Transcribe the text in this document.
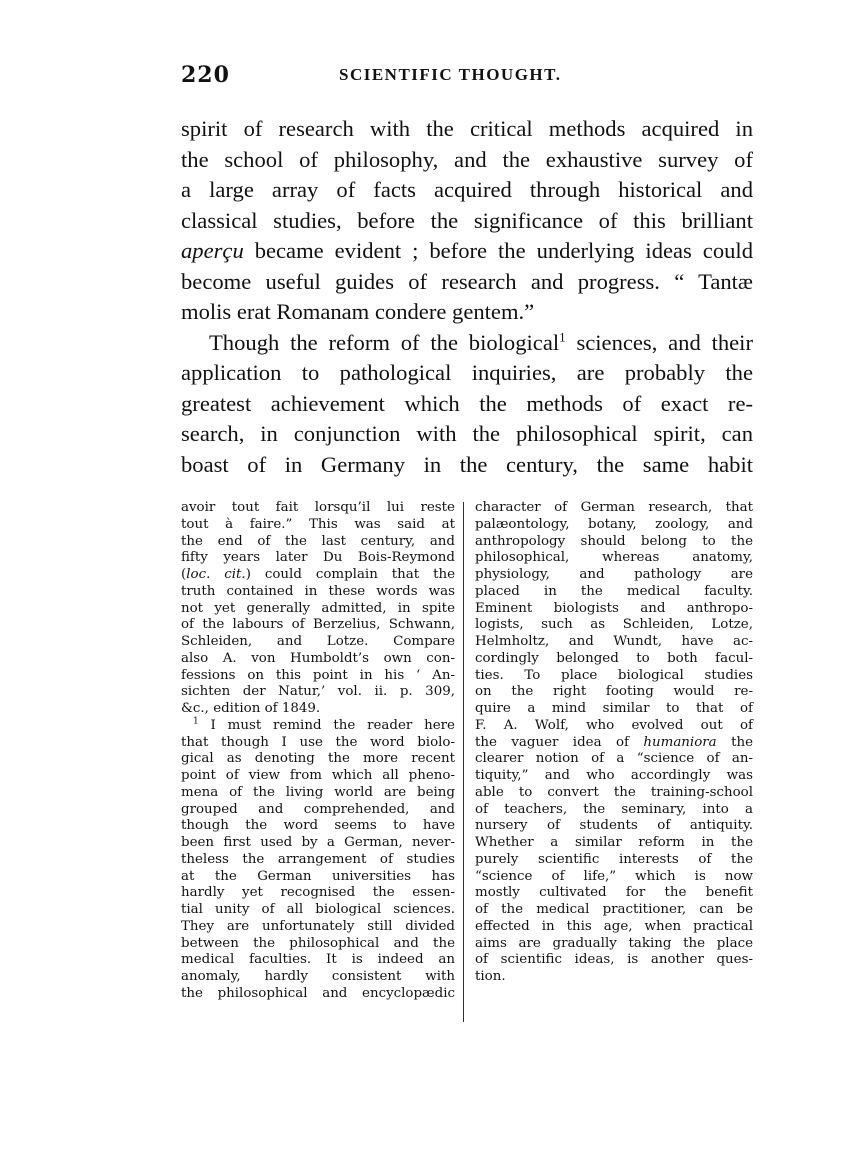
220	SCIENTIFIC THOUGHT.
spirit of research with the critical methods acquired in
the school of philosophy, and the exhaustive survey of
a large array of facts acquired through historical and
classical studies, before the significance of this brilliant
aperçu became evident ; before the underlying ideas could
become useful guides of research and progress. “ Tantæ
molis erat Romanam condere gentem.”
Though the reform of the biological$^1$ sciences, and their
application to pathological inquiries, are probably the
greatest achievement which the methods of exact re-
search, in conjunction with the philosophical spirit, can
boast of in Germany in the century, the same habit
avoir tout fait lorsqu’il lui reste
tout à faire.” This was said at
the end of the last century, and
fifty years later Du Bois-Reymond
(loc. cit.) could complain that the
truth contained in these words was
not yet generally admitted, in spite
of the labours of Berzelius, Schwann,
Schleiden, and Lotze. Compare
also A. von Humboldt’s own con-
fessions on this point in his ‘ An-
sichten der Natur,’ vol. ii. p. 309,
&c., edition of 1849.
$^1$ I must remind the reader here
that though I use the word biolo-
gical as denoting the more recent
point of view from which all pheno-
mena of the living world are being
grouped and comprehended, and
though the word seems to have
been first used by a German, never-
theless the arrangement of studies
at the German universities has
hardly yet recognised the essen-
tial unity of all biological sciences.
They are unfortunately still divided
between the philosophical and the
medical faculties. It is indeed an
anomaly, hardly consistent with
the philosophical and encyclopædic
character of German research, that
palæontology, botany, zoology, and
anthropology should belong to the
philosophical, whereas anatomy,
physiology, and pathology are
placed in the medical faculty.
Eminent biologists and anthropo-
logists, such as Schleiden, Lotze,
Helmholtz, and Wundt, have ac-
cordingly belonged to both facul-
ties. To place biological studies
on the right footing would re-
quire a mind similar to that of
F. A. Wolf, who evolved out of
the vaguer idea of humaniora the
clearer notion of a “science of an-
tiquity,” and who accordingly was
able to convert the training-school
of teachers, the seminary, into a
nursery of students of antiquity.
Whether a similar reform in the
purely scientific interests of the
“science of life,” which is now
mostly cultivated for the benefit
of the medical practitioner, can be
effected in this age, when practical
aims are gradually taking the place
of scientific ideas, is another ques-
tion.
